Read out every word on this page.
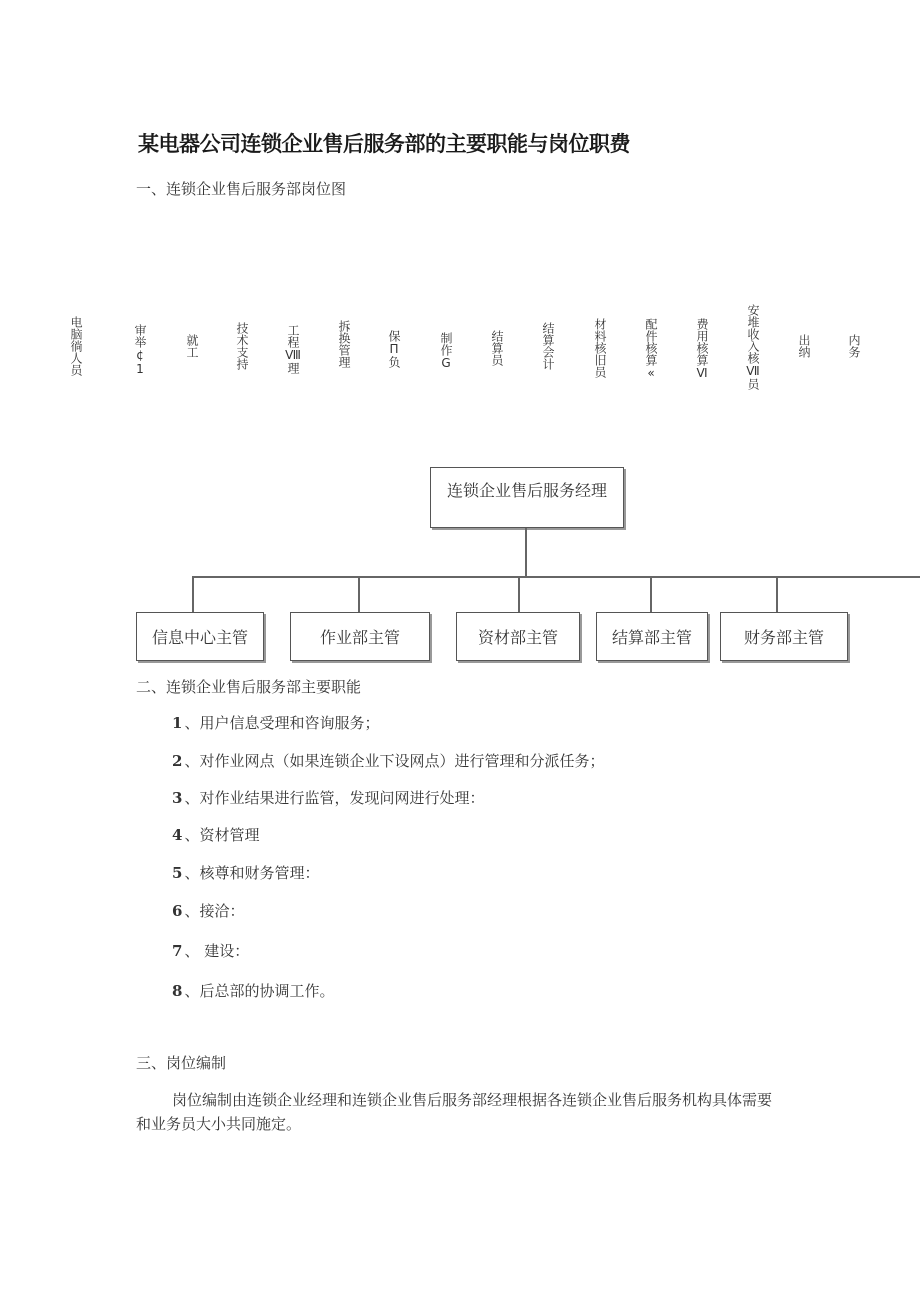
某电器公司连锁企业售后服务部的主要职能与岗位职费
一、连锁企业售后服务部岗位图
电脑徜人员	审举¢1	就工	技术支持	工程Ⅷ理	拆换管理	保П负	制作G	结算员	结算会计	材料核旧员	配件核算«	费用核算Ⅵ	安堆收入核Ⅶ员	出纳	内务
连锁企业售后服务经理
信息中心主管	作业部主管	资材部主管	结算部主管	财务部主管
二、连锁企业售后服务部主要职能
1 、用户信息受理和咨询服务；
2 、对作业网点（如果连锁企业下设网点）进行管理和分派任务；
3 、对作业结果进行监管，发现问网进行处理：
4 、资材管理
5 、核尊和财务管理：
6 、接洽：
7 、 建设：
8 、后总部的协调工作。
三、岗位编制
岗位编制由连锁企业经理和连锁企业售后服务部经理根据各连锁企业售后服务机构具体需要和业务员大小共同施定。
